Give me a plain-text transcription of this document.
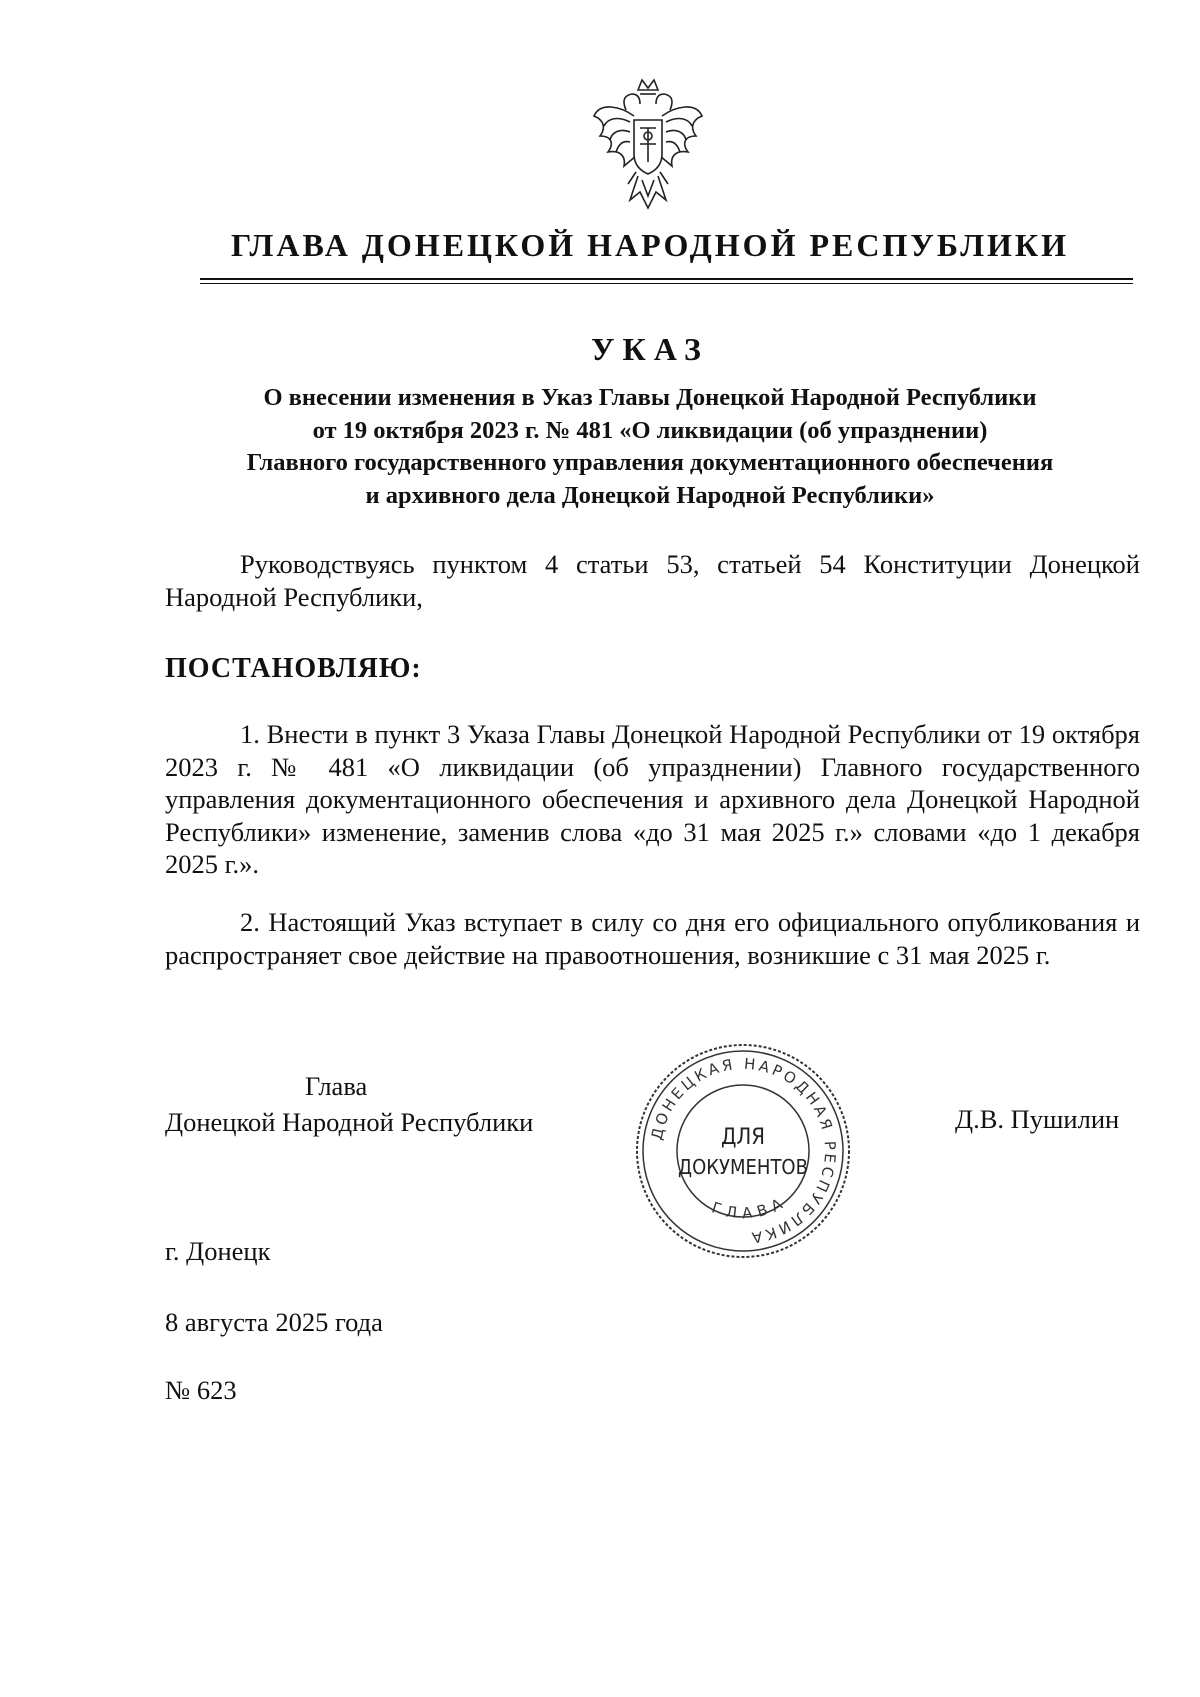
ГЛАВА ДОНЕЦКОЙ НАРОДНОЙ РЕСПУБЛИКИ
УКАЗ
О внесении изменения в Указ Главы Донецкой Народной Республики
от 19 октября 2023 г. № 481 «О ликвидации (об упразднении)
Главного государственного управления документационного обеспечения
и архивного дела Донецкой Народной Республики»

Руководствуясь пунктом 4 статьи 53, статьей 54 Конституции Донецкой Народной Республики,

ПОСТАНОВЛЯЮ:

1. Внести в пункт 3 Указа Главы Донецкой Народной Республики от 19 октября 2023 г. № 481 «О ликвидации (об упразднении) Главного государственного управления документационного обеспечения и архивного дела Донецкой Народной Республики» изменение, заменив слова «до 31 мая 2025 г.» словами «до 1 декабря 2025 г.».

2. Настоящий Указ вступает в силу со дня его официального опубликования и распространяет свое действие на правоотношения, возникшие с 31 мая 2025 г.

Глава
Донецкой Народной Республики	ДОНЕЦКАЯ НАРОДНАЯ РЕСПУБЛИКА
ГЛАВА
ДЛЯ
ДОКУМЕНТОВ
Д.В. Пушилин
г. Донецк
8 августа 2025 года
№ 623
